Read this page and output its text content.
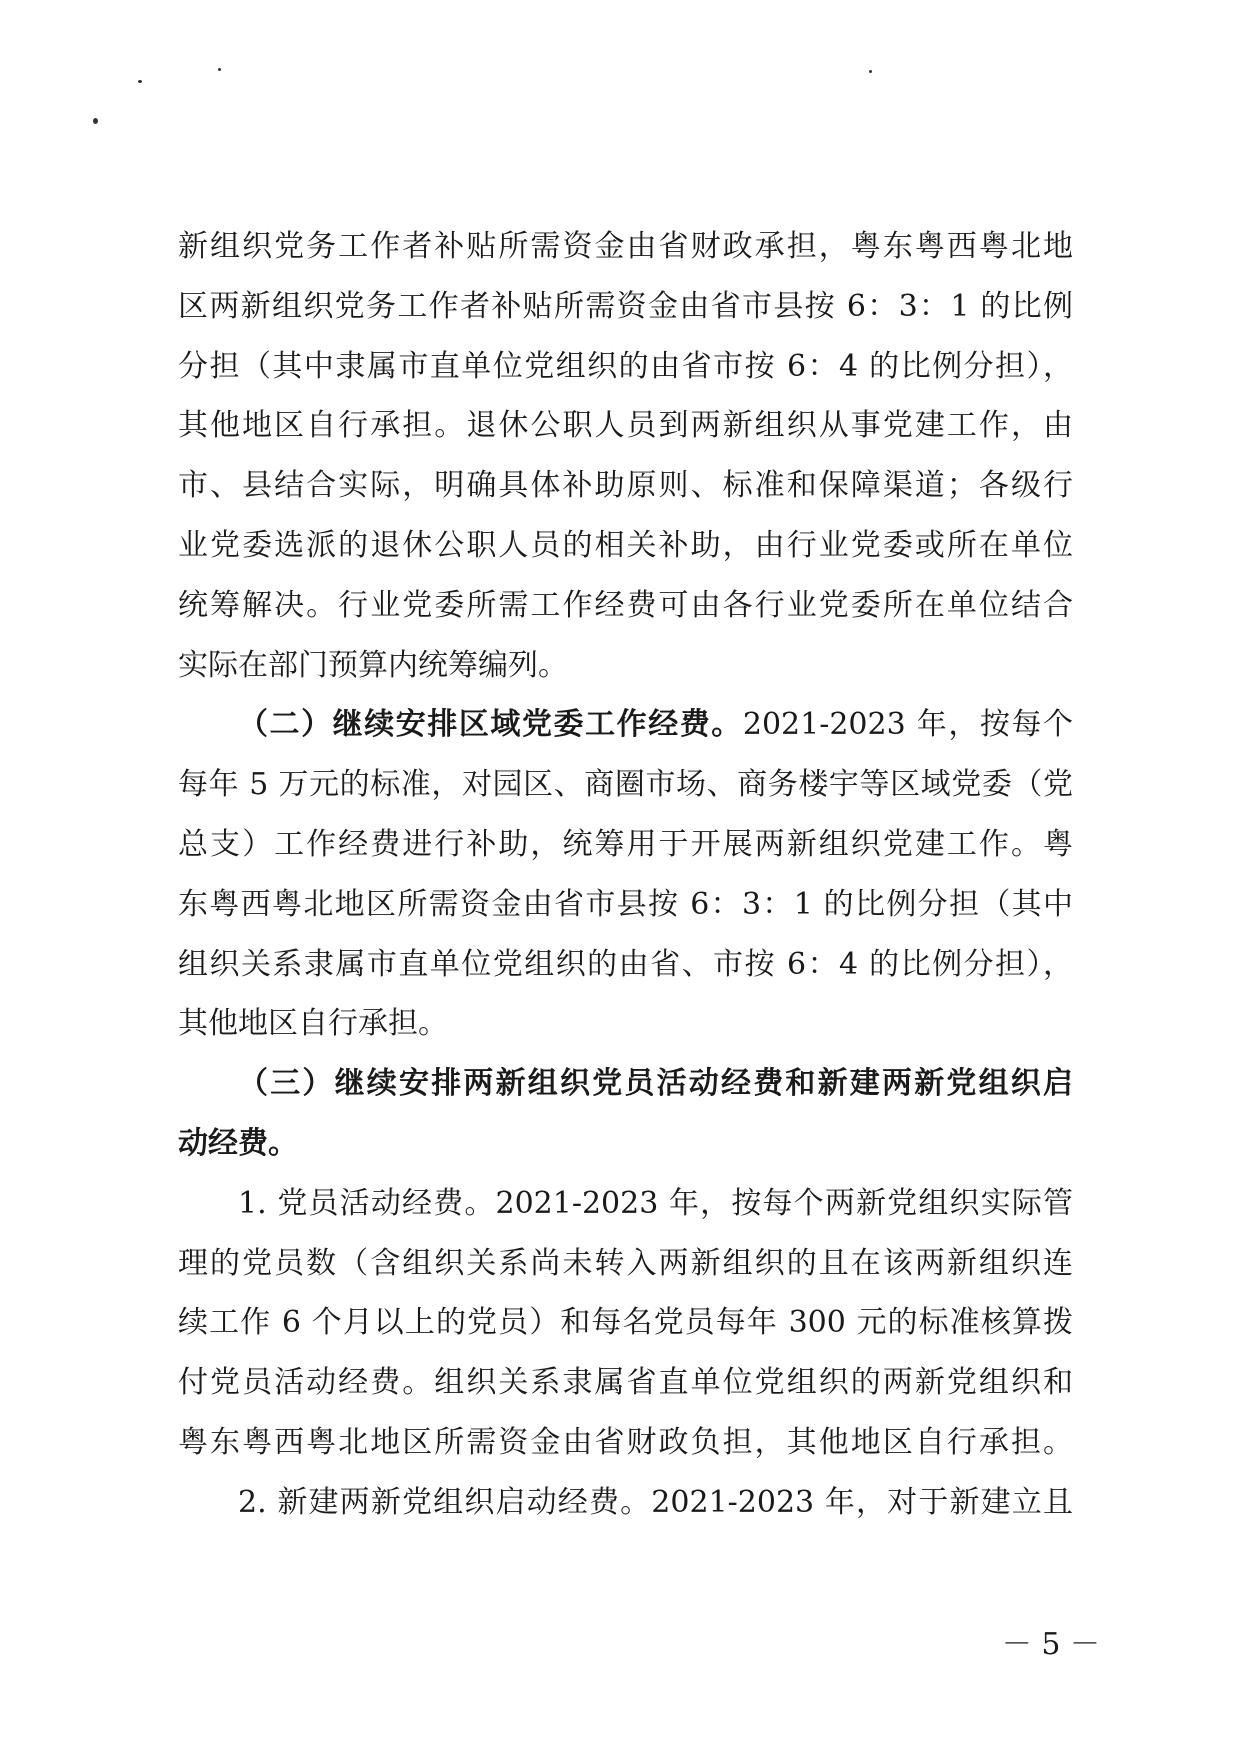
新组织党务工作者补贴所需资金由省财政承担，粤东粤西粤北地
区两新组织党务工作者补贴所需资金由省市县按 6：3：1 的比例
分担（其中隶属市直单位党组织的由省市按 6：4 的比例分担），
其他地区自行承担。退休公职人员到两新组织从事党建工作，由
市、县结合实际，明确具体补助原则、标准和保障渠道；各级行
业党委选派的退休公职人员的相关补助，由行业党委或所在单位
统筹解决。行业党委所需工作经费可由各行业党委所在单位结合
实际在部门预算内统筹编列。
（二）继续安排区域党委工作经费。2021-2023 年，按每个
每年 5 万元的标准，对园区、商圈市场、商务楼宇等区域党委（党
总支）工作经费进行补助，统筹用于开展两新组织党建工作。粤
东粤西粤北地区所需资金由省市县按 6：3：1 的比例分担（其中
组织关系隶属市直单位党组织的由省、市按 6：4 的比例分担），
其他地区自行承担。
（三）继续安排两新组织党员活动经费和新建两新党组织启
动经费。
1. 党员活动经费。2021-2023 年，按每个两新党组织实际管
理的党员数（含组织关系尚未转入两新组织的且在该两新组织连
续工作 6 个月以上的党员）和每名党员每年 300 元的标准核算拨
付党员活动经费。组织关系隶属省直单位党组织的两新党组织和
粤东粤西粤北地区所需资金由省财政负担，其他地区自行承担。
2. 新建两新党组织启动经费。2021-2023 年，对于新建立且
－ 5 －
